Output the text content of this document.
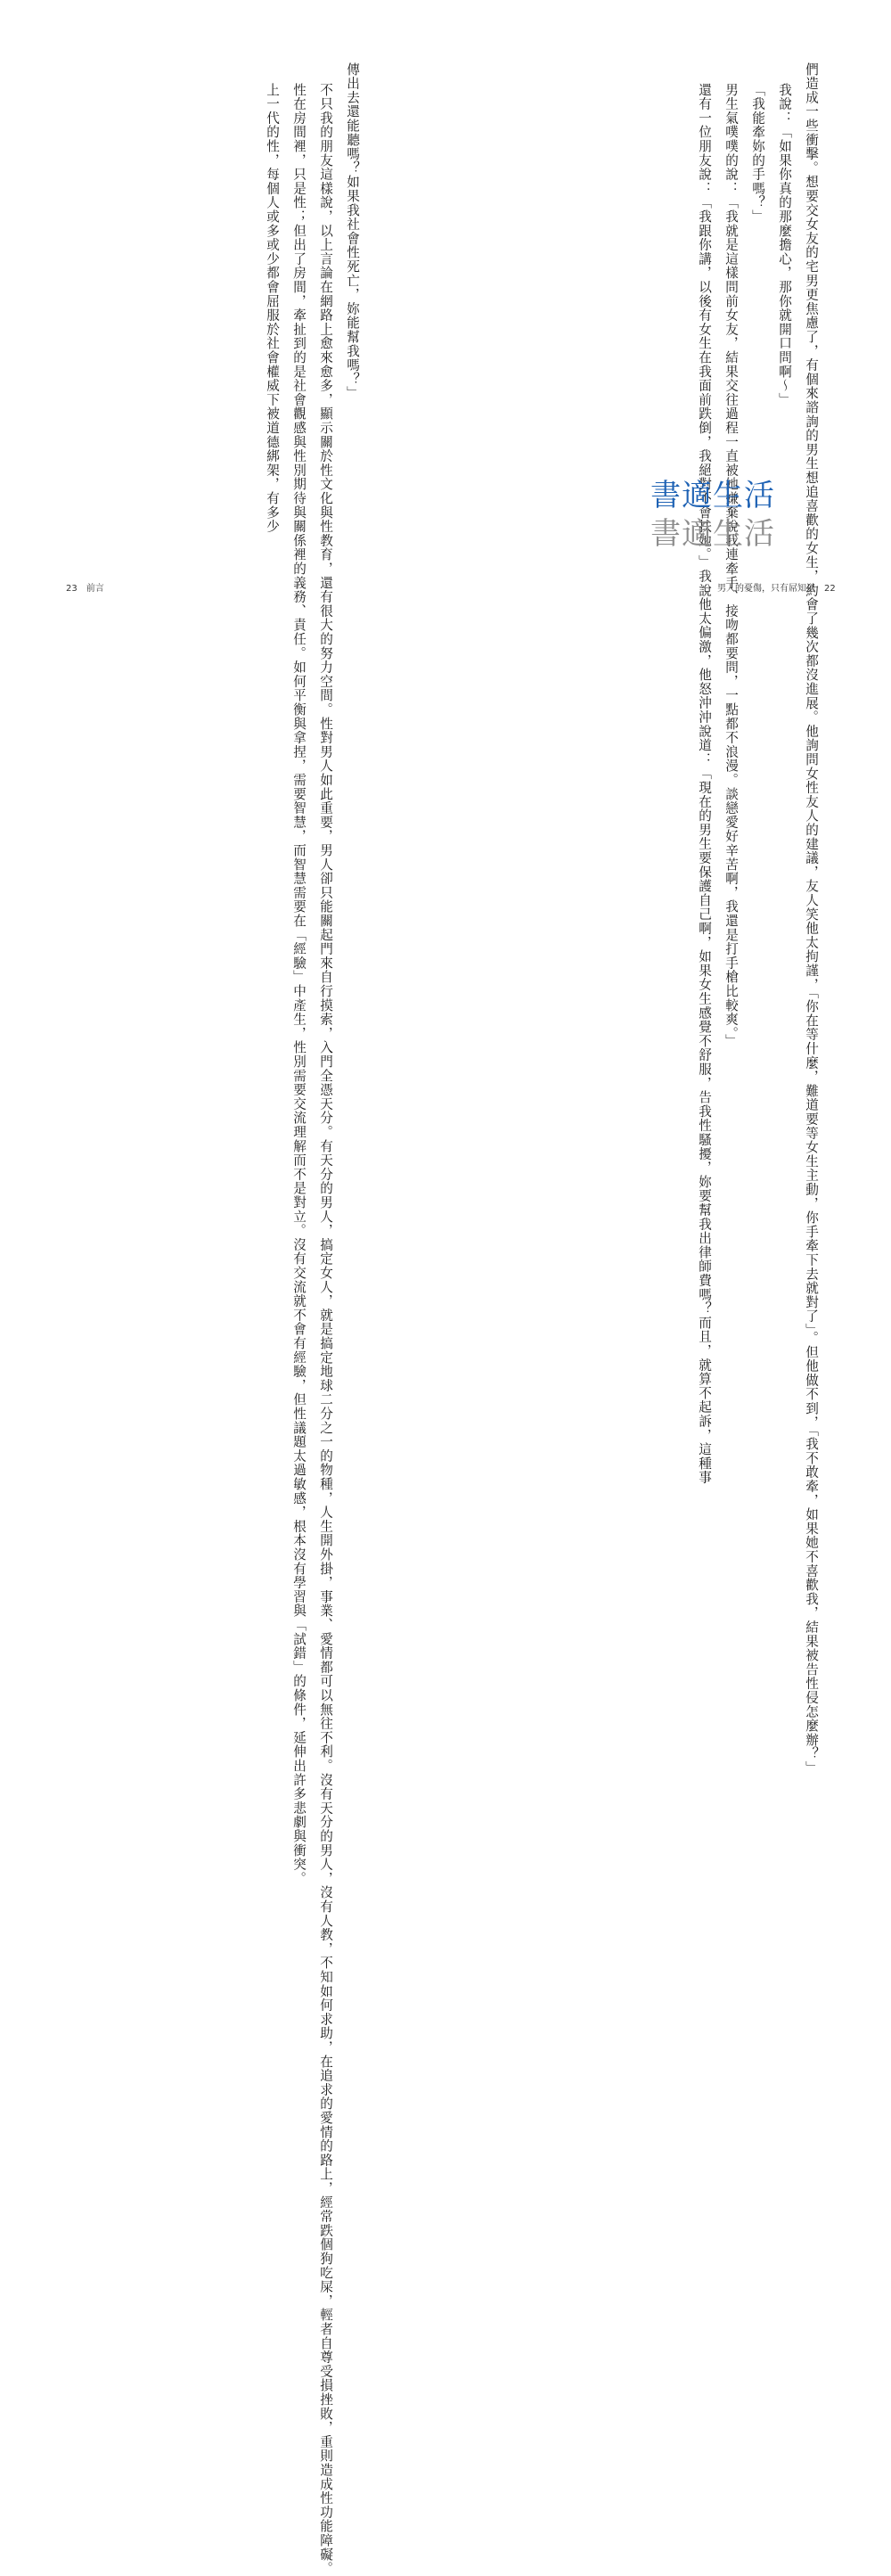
們造成一些衝擊。想要交女友的宅男更焦慮了，有個來諮詢的男生想追喜歡的女生，約會了幾次都沒進展。他詢問女性友人的建議，友人笑他太拘謹，「你在等什麼，難道要等女生主動，你手牽下去就對了」。但他做不到，「我不敢牽，如果她不喜歡我，結果被告性侵怎麼辦？」

我說：「如果你真的那麼擔心，那你就開口問啊～」

「我能牽妳的手嗎？」

男生氣噗噗的說：「我就是這樣問前女友，結果交往過程一直被她嫌棄說我連牽手、接吻都要問，一點都不浪漫。談戀愛好辛苦啊，我還是打手槍比較爽。」

還有一位朋友說：「我跟你講，以後有女生在我面前跌倒，我絕對不會扶她。」我說他太偏激，他怒沖沖說道：「現在的男生要保護自己啊，如果女生感覺不舒服，告我性騷擾，妳要幫我出律師費嗎？而且，就算不起訴，這種事

傳出去還能聽嗎？如果我社會性死亡，妳能幫我嗎？」

不只我的朋友這樣說，以上言論在網路上愈來愈多，顯示關於性文化與性教育，還有很大的努力空間。性對男人如此重要，男人卻只能關起門來自行摸索，入門全憑天分。有天分的男人，搞定女人，就是搞定地球二分之一的物種，人生開外掛，事業、愛情都可以無往不利。沒有天分的男人，沒有人教，不知如何求助，在追求的愛情的路上，經常跌個狗吃屎，輕者自尊受損挫敗，重則造成性功能障礙。

性在房間裡，只是性；但出了房間，牽扯到的是社會觀感與性別期待與關係裡的義務、責任。如何平衡與拿捏，需要智慧，而智慧需要在「經驗」中產生，性別需要交流理解而不是對立。沒有交流就不會有經驗，但性議題太過敏感，根本沒有學習與「試錯」的條件，延伸出許多悲劇與衝突。

上一代的性，每個人或多或少都會屈服於社會權威下被道德綁架，有多少

23 前言	男人的憂傷，只有屌知道 22
書適生活
書適生活
